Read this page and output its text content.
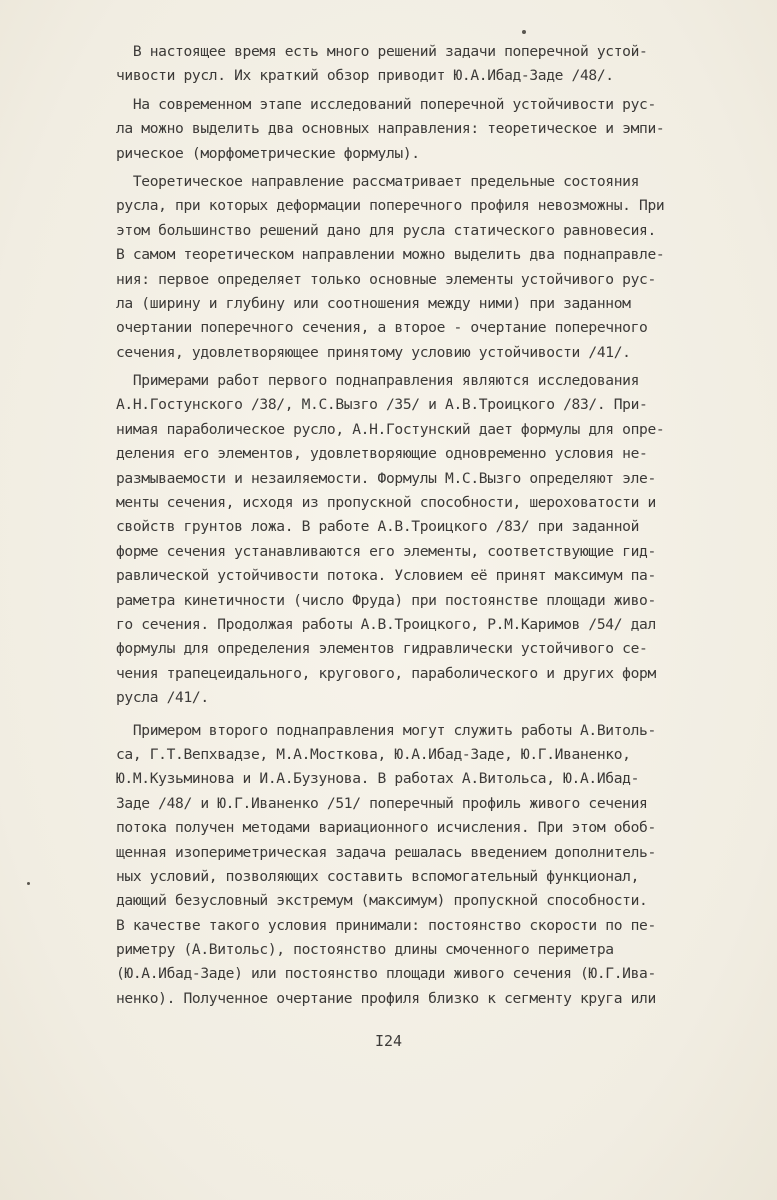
В настоящее время есть много решений задачи поперечной устой-
чивости русл. Их краткий обзор приводит Ю.А.Ибад-Заде /48/.
На современном этапе исследований поперечной устойчивости рус-
ла можно выделить два основных направления: теоретическое и эмпи-
рическое (морфометрические формулы).
Теоретическое направление рассматривает предельные состояния
русла, при которых деформации поперечного профиля невозможны. При
этом большинство решений дано для русла статического равновесия.
В самом теоретическом направлении можно выделить два поднаправле-
ния: первое определяет только основные элементы устойчивого рус-
ла (ширину и глубину или соотношения между ними) при заданном
очертании поперечного сечения, а второе - очертание поперечного
сечения, удовлетворяющее принятому условию устойчивости /41/.
Примерами работ первого поднаправления являются исследования
А.Н.Гостунского /38/, М.С.Вызго /35/ и А.В.Троицкого /83/. При-
нимая параболическое русло, А.Н.Гостунский дает формулы для опре-
деления его элементов, удовлетворяющие одновременно условия не-
размываемости и незаиляемости. Формулы М.С.Вызго определяют эле-
менты сечения, исходя из пропускной способности, шероховатости и
свойств грунтов ложа. В работе А.В.Троицкого /83/ при заданной
форме сечения устанавливаются его элементы, соответствующие гид-
равлической устойчивости потока. Условием её принят максимум па-
раметра кинетичности (число Фруда) при постоянстве площади живо-
го сечения. Продолжая работы А.В.Троицкого, Р.М.Каримов /54/ дал
формулы для определения элементов гидравлически устойчивого се-
чения трапецеидального, кругового, параболического и других форм
русла /41/.
Примером второго поднаправления могут служить работы А.Витоль-
са, Г.Т.Вепхвадзе, М.А.Мосткова, Ю.А.Ибад-Заде, Ю.Г.Иваненко,
Ю.М.Кузьминова и И.А.Бузунова. В работах А.Витольса, Ю.А.Ибад-
Заде /48/ и Ю.Г.Иваненко /51/ поперечный профиль живого сечения
потока получен методами вариационного исчисления. При этом обоб-
щенная изопериметрическая задача решалась введением дополнитель-
ных условий, позволяющих составить вспомогательный функционал,
дающий безусловный экстремум (максимум) пропускной способности.
В качестве такого условия принимали: постоянство скорости по пе-
риметру (А.Витольс), постоянство длины смоченного периметра
(Ю.А.Ибад-Заде) или постоянство площади живого сечения (Ю.Г.Ива-
ненко). Полученное очертание профиля близко к сегменту круга или
I24
